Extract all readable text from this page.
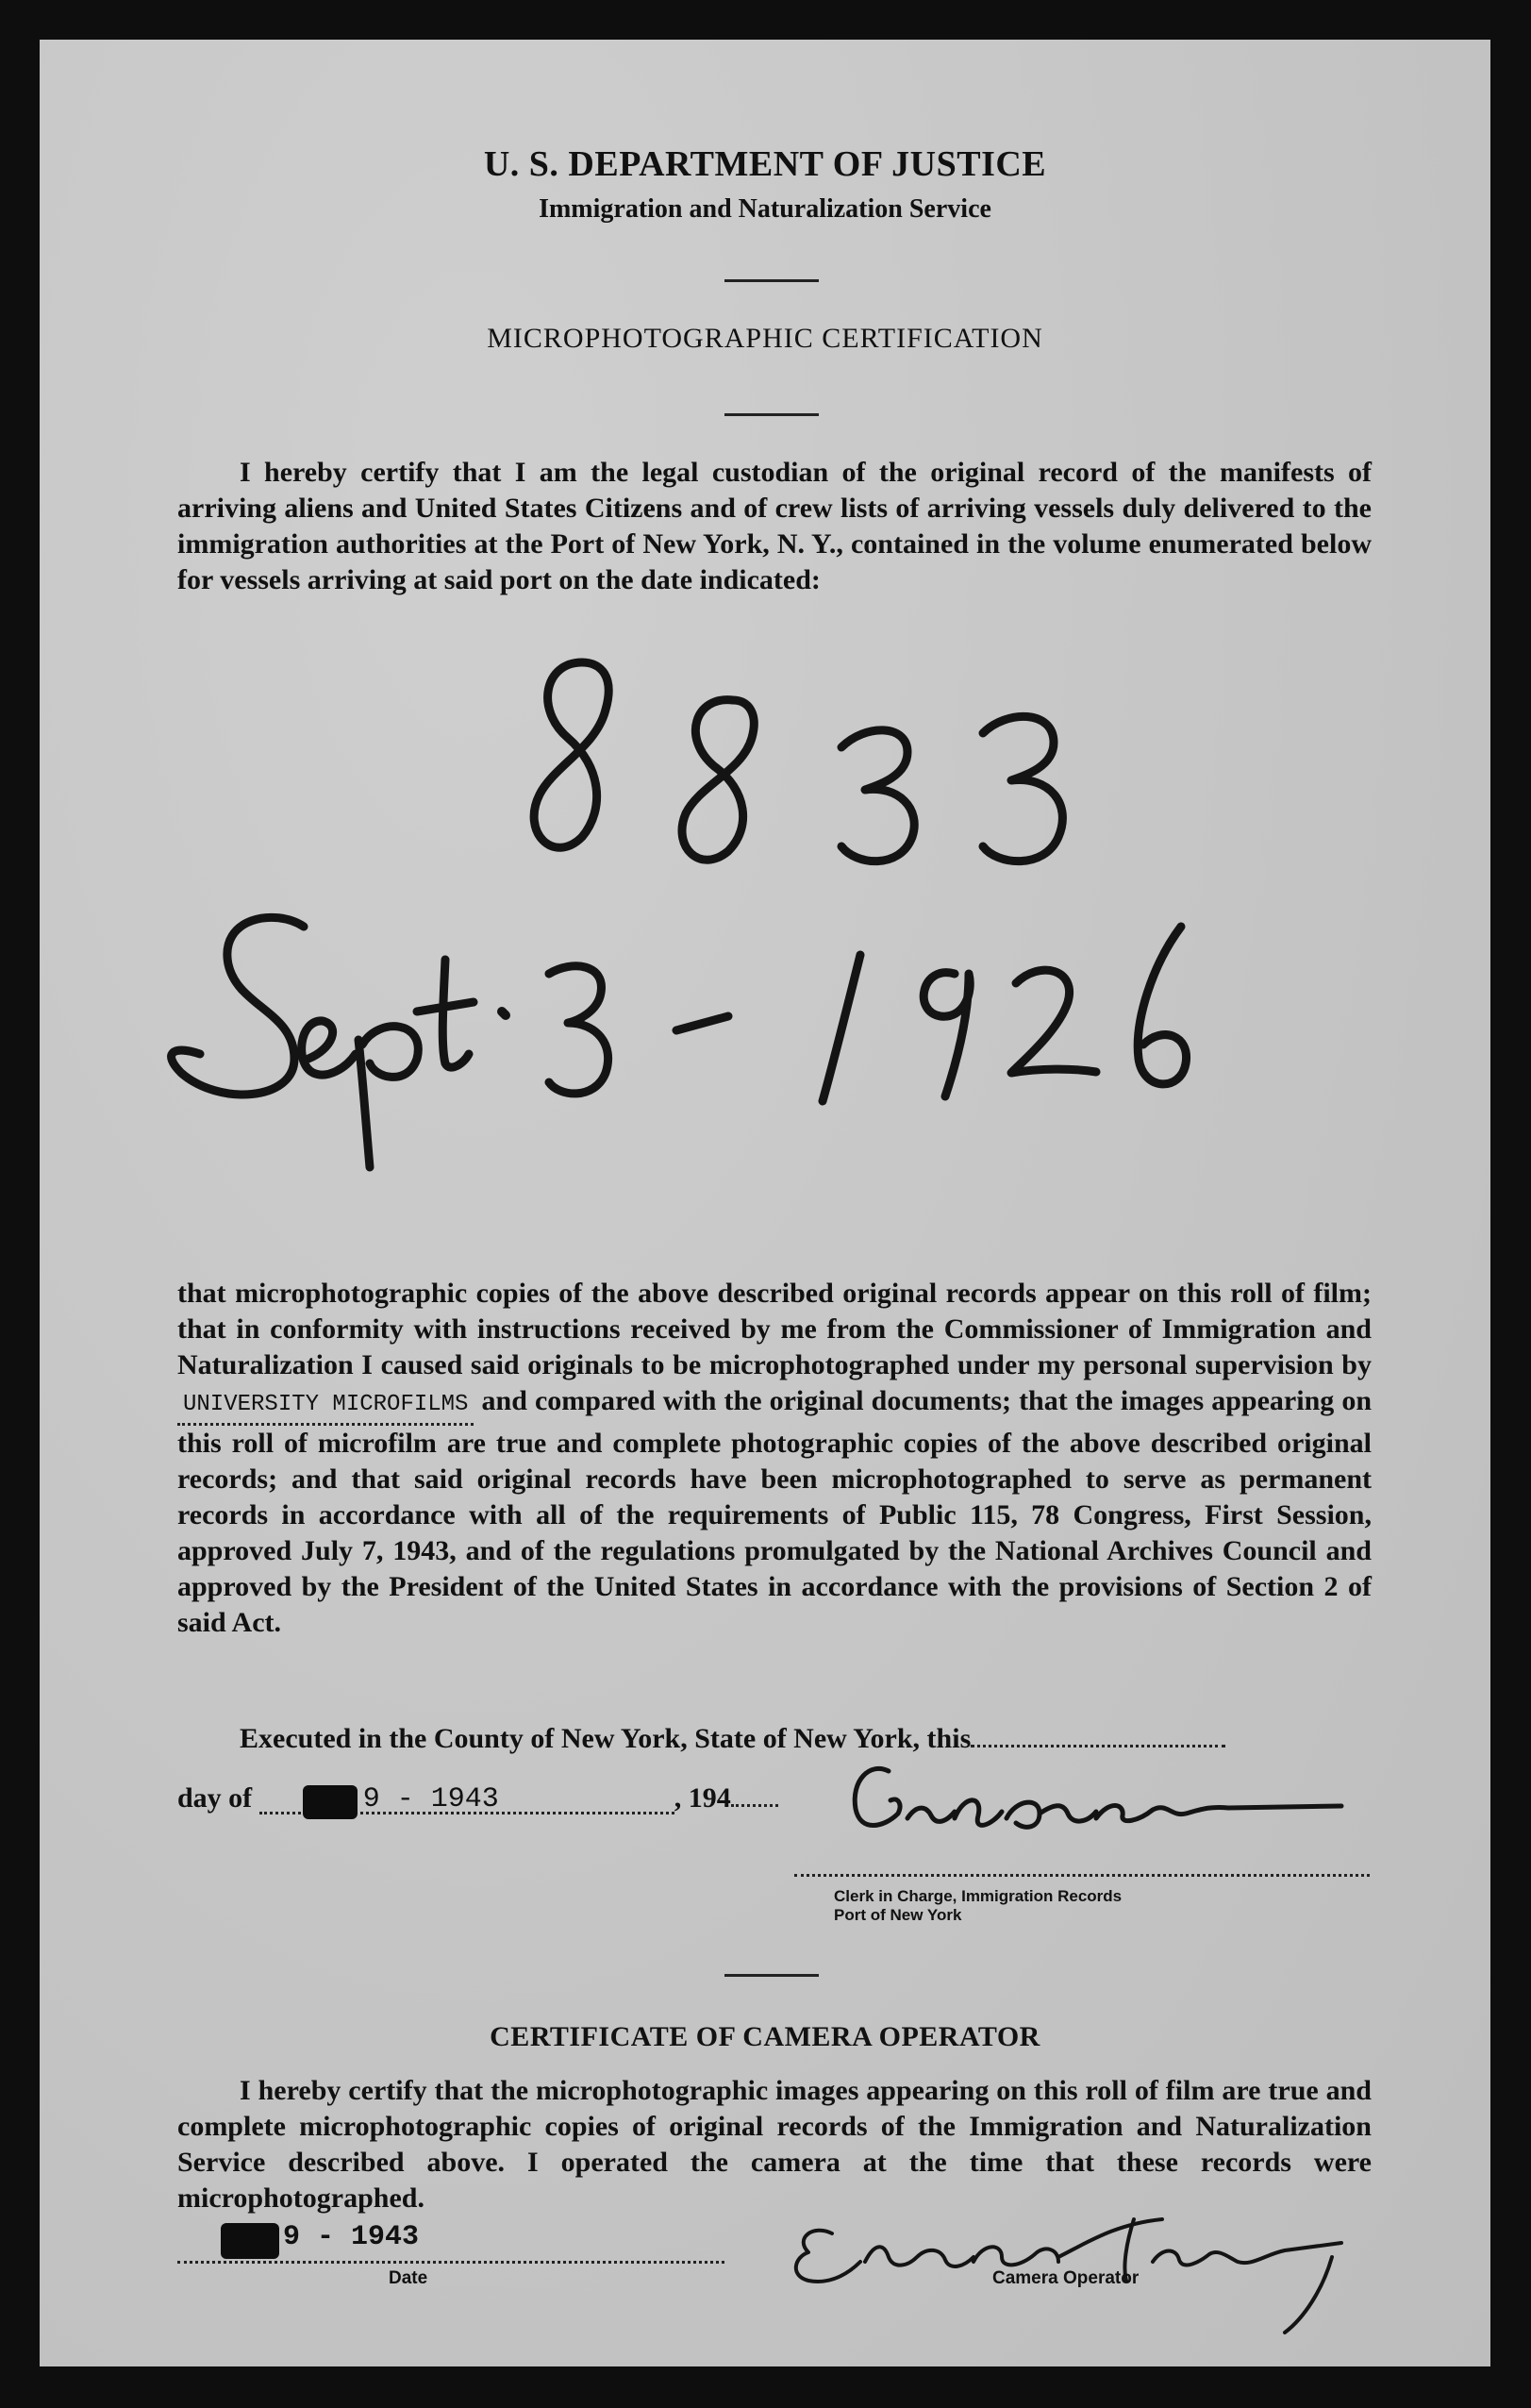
U. S. DEPARTMENT OF JUSTICE
Immigration and Naturalization Service
MICROPHOTOGRAPHIC CERTIFICATION

I hereby certify that I am the legal custodian of the original record of the manifests of arriving aliens and United States Citizens and of crew lists of arriving vessels duly delivered to the immigration authorities at the Port of New York, N. Y., contained in the volume enumerated below for vessels arriving at said port on the date indicated:

that microphotographic copies of the above described original records appear on this roll of film; that in conformity with instructions received by me from the Commissioner of Immigration and Naturalization I caused said originals to be microphotographed under my personal supervision by UNIVERSITY MICROFILMS and compared with the original documents; that the images appearing on this roll of microfilm are true and complete photographic copies of the above described original records; and that said original records have been microphotographed to serve as permanent records in accordance with all of the requirements of Public 115, 78 Congress, First Session, approved July 7, 1943, and of the regulations promulgated by the National Archives Council and approved by the President of the United States in accordance with the provisions of Section 2 of said Act.
Executed in the County of New York, State of New York, this
day of	9 - 1943	, 194
Clerk in Charge, Immigration Records
Port of New York
CERTIFICATE OF CAMERA OPERATOR

I hereby certify that the microphotographic images appearing on this roll of film are true and complete microphotographic copies of original records of the Immigration and Naturalization Service described above. I operated the camera at the time that these records were microphotographed.

9 - 1943
Date	Camera Operator
